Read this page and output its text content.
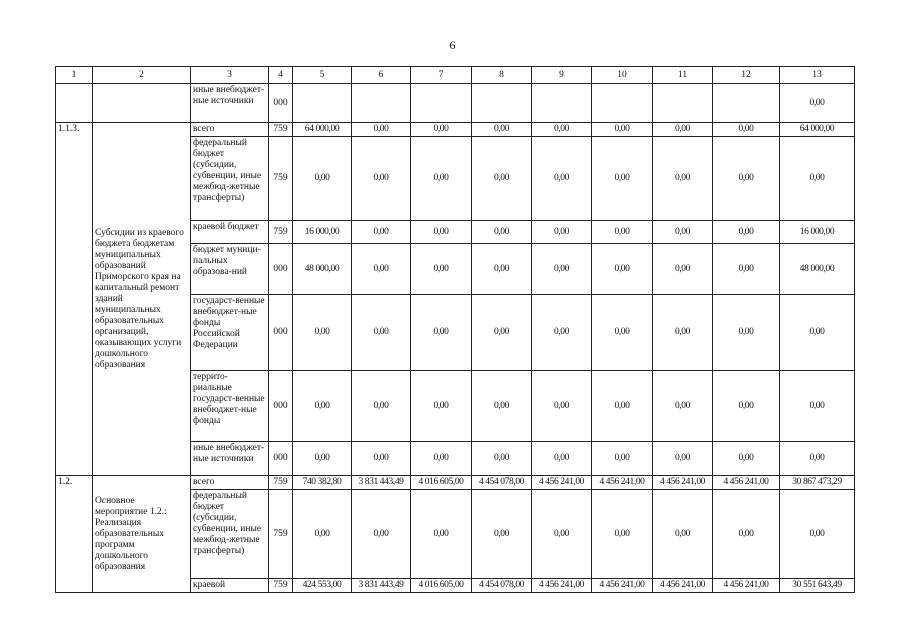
6
1	2	3	4	5	6	7	8	9	10	11	12	13
		иные внебюджет-ные источники	000									0,00
1.1.3.	Субсидии из краевого бюджета бюджетам муниципальных образований Приморского края на капитальный ремонт зданий муниципальных образовательных организаций, оказывающих услуги дошкольного образования	всего	759	64 000,00	0,00	0,00	0,00	0,00	0,00	0,00	0,00	64 000,00
		федеральный бюджет (субсидии, субвенции, иные межбюд-жетные трансферты)	759	0,00	0,00	0,00	0,00	0,00	0,00	0,00	0,00	0,00
		краевой бюджет	759	16 000,00	0,00	0,00	0,00	0,00	0,00	0,00	0,00	16 000,00
		бюджет муници-пальных образова-ний	000	48 000,00	0,00	0,00	0,00	0,00	0,00	0,00	0,00	48 000,00
		государст-венные внебюджет-ные фонды Российской Федерации	000	0,00	0,00	0,00	0,00	0,00	0,00	0,00	0,00	0,00
		террито-риальные государст-венные внебюджет-ные фонды	000	0,00	0,00	0,00	0,00	0,00	0,00	0,00	0,00	0,00
		иные внебюджет-ные источники	000	0,00	0,00	0,00	0,00	0,00	0,00	0,00	0,00	0,00
1.2.	Основное мероприятие 1.2.: Реализация образовательных программ дошкольного образования	всего	759	740 382,80	3 831 443,49	4 016 605,00	4 454 078,00	4 456 241,00	4 456 241,00	4 456 241,00	4 456 241,00	30 867 473,29
		федеральный бюджет (субсидии, субвенции, иные межбюд-жетные трансферты)	759	0,00	0,00	0,00	0,00	0,00	0,00	0,00	0,00	0,00
		краевой	759	424 553,00	3 831 443,49	4 016 605,00	4 454 078,00	4 456 241,00	4 456 241,00	4 456 241,00	4 456 241,00	30 551 643,49
